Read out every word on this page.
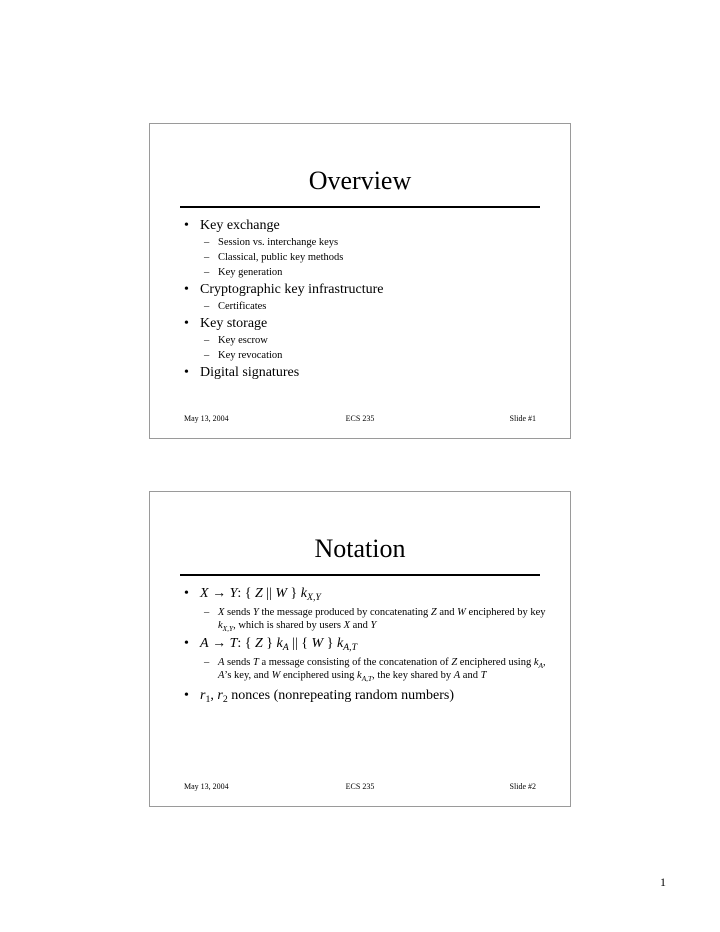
Overview
• Key exchange
– Session vs. interchange keys
– Classical, public key methods
– Key generation
• Cryptographic key infrastructure
– Certificates
• Key storage
– Key escrow
– Key revocation
• Digital signatures
May 13, 2004	ECS 235	Slide #1
Notation
• X → Y: { Z || W } $k_{X,Y}$
– X sends Y the message produced by concatenating Z and W enciphered by key $k_{X,Y}$, which is shared by users X and Y
• A → T: { Z } $k_A$ || { W } $k_{A,T}$
– A sends T a message consisting of the concatenation of Z enciphered using $k_A$, A’s key, and W enciphered using $k_{A,T}$, the key shared by A and T
• $r_1$, $r_2$ nonces (nonrepeating random numbers)
May 13, 2004	ECS 235	Slide #2
1
